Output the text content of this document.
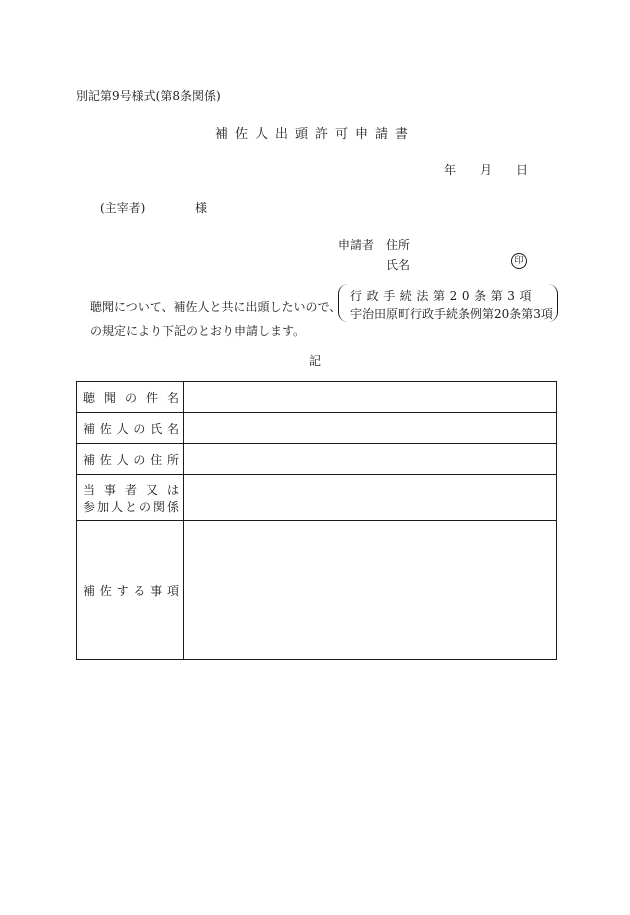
別記第9号様式(第8条関係)
補佐人出頭許可申請書
年 月 日
(主宰者)	様
申請者 住所
氏名	印
聴聞について、補佐人と共に出頭したいので、
行政手続法第20条第3項
宇治田原町行政手続条例第20条第3項
の規定により下記のとおり申請します。
記
聴聞の件名	

補佐人の氏名	

補佐人の住所	

当事者又は
参加人との関係	

補佐する事項	
